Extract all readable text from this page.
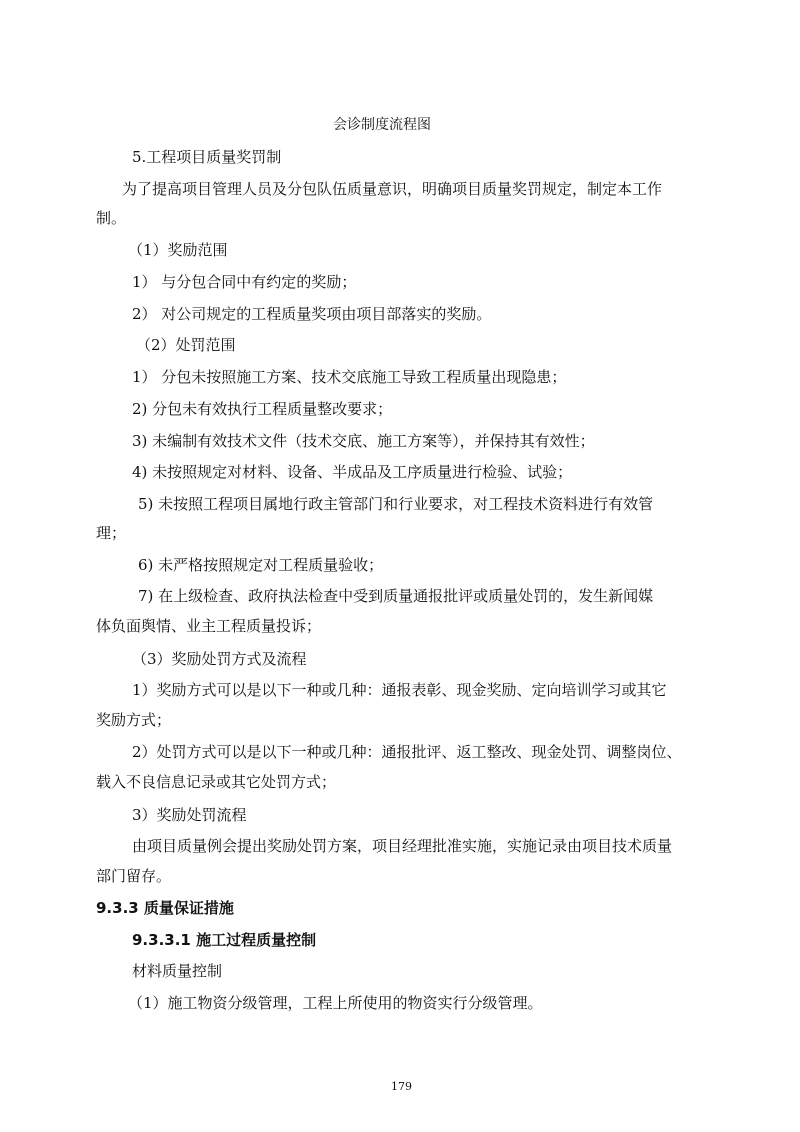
会诊制度流程图
5.工程项目质量奖罚制
为了提高项目管理人员及分包队伍质量意识，明确项目质量奖罚规定，制定本工作
制。
（1）奖励范围
1） 与分包合同中有约定的奖励；
2） 对公司规定的工程质量奖项由项目部落实的奖励。
（2）处罚范围
1） 分包未按照施工方案、技术交底施工导致工程质量出现隐患；
2) 分包未有效执行工程质量整改要求；
3) 未编制有效技术文件（技术交底、施工方案等），并保持其有效性；
4) 未按照规定对材料、设备、半成品及工序质量进行检验、试验；
5) 未按照工程项目属地行政主管部门和行业要求，对工程技术资料进行有效管
理；
6) 未严格按照规定对工程质量验收；
7) 在上级检查、政府执法检查中受到质量通报批评或质量处罚的，发生新闻媒
体负面舆情、业主工程质量投诉；
（3）奖励处罚方式及流程
1）奖励方式可以是以下一种或几种：通报表彰、现金奖励、定向培训学习或其它
奖励方式；
2）处罚方式可以是以下一种或几种：通报批评、返工整改、现金处罚、调整岗位、
载入不良信息记录或其它处罚方式；
3）奖励处罚流程
由项目质量例会提出奖励处罚方案，项目经理批准实施，实施记录由项目技术质量
部门留存。
9.3.3 质量保证措施
9.3.3.1 施工过程质量控制
材料质量控制
（1）施工物资分级管理，工程上所使用的物资实行分级管理。
179
